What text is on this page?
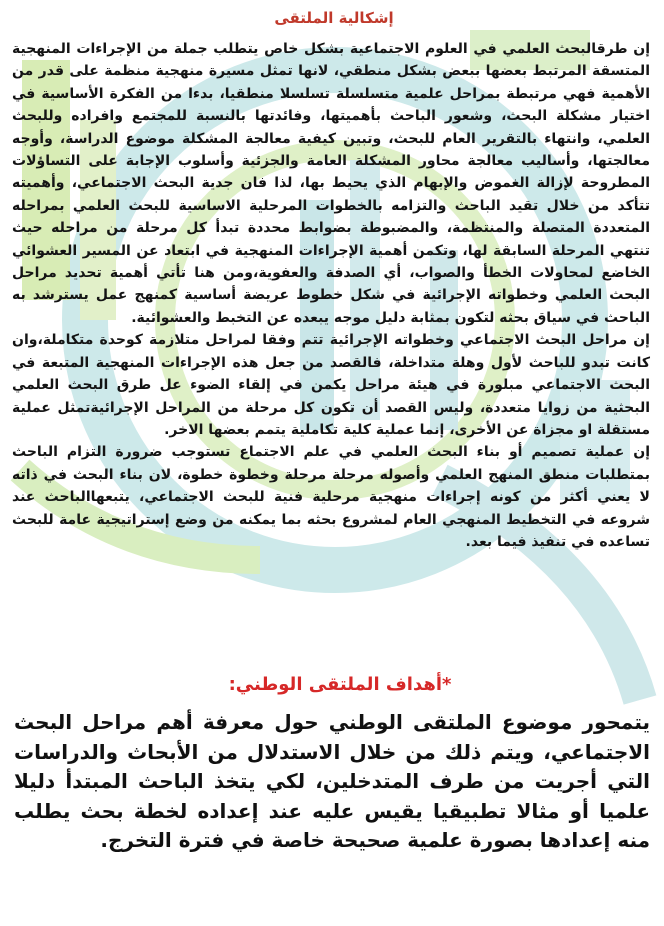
إشكالية الملتقى

إن طرقالبحث العلمي في العلوم الاجتماعية بشكل خاص يتطلب جملة من الإجراءات المنهجية المتسقة المرتبط بعضها ببعض بشكل منطقي، لانها تمثل مسيرة منهجية منظمة على قدر من الأهمية فهي مرتبطة بمراحل علمية متسلسلة تسلسلا منطقيا، بدءا من الفكرة الأساسية في اختيار مشكلة البحث، وشعور الباحث بأهميتها، وفائدتها بالنسبة للمجتمع وافراده وللبحث العلمي، وانتهاء بالتقرير العام للبحث، وتبين كيفية معالجة المشكلة موضوع الدراسة، وأوجه معالجتها، وأساليب معالجة محاور المشكلة العامة والجزئية وأسلوب الإجابة على التساؤلات المطروحة لإزالة الغموض والإبهام الذي يحيط بها، لذا فان جدية البحث الاجتماعي، وأهميته تتأكد من خلال تقيد الباحث والتزامه بالخطوات المرحلية الاساسية للبحث العلمي بمراحله المتعددة المتصلة والمنتظمة، والمضبوطة بضوابط محددة تبدأ كل مرحلة من مراحله حيث تنتهي المرحلة السابقة لها، وتكمن أهمية الإجراءات المنهجية في ابتعاد عن المسير العشوائي الخاضع لمحاولات الخطأ والصواب، أي الصدفة والعفوية،ومن هنا تأتي أهمية تحديد مراحل البحث العلمي وخطواته الإجرائية في شكل خطوط عريضة أساسية كمنهج عمل يسترشد به الباحث في سياق بحثه لتكون بمثابة دليل موجه يبعده عن التخبط والعشوائية.

إن مراحل البحث الاجتماعي وخطواته الإجرائية تتم وفقا لمراحل متلازمة كوحدة متكاملة،وان كانت تبدو للباحث لأول وهلة متداخلة، فالقصد من جعل هذه الإجراءات المنهجية المتبعة في البحث الاجتماعي مبلورة في هيئة مراحل يكمن في إلقاء الضوء عل طرق البحث العلمي البحثية من زوايا متعددة، وليس القصد أن تكون كل مرحلة من المراحل الإجرائيةتمثل عملية مستقلة او مجزاة عن الأخرى، إنما عملية كلية تكاملية يتمم بعضها الاخر.

إن عملية تصميم أو بناء البحث العلمي في علم الاجتماع تستوجب ضرورة التزام الباحث بمتطلبات منطق المنهج العلمي وأصوله مرحلة مرحلة وخطوة خطوة، لان بناء البحث في ذاته لا يعني أكثر من كونه إجراءات منهجية مرحلية فنية للبحث الاجتماعي، يتبعهاالباحث عند شروعه في التخطيط المنهجي العام لمشروع بحثه بما يمكنه من وضع إستراتيجية عامة للبحث تساعده في تنفيذ فيما بعد.

*أهداف الملتقى الوطني:

يتمحور موضوع الملتقى الوطني حول معرفة أهم مراحل البحث الاجتماعي، ويتم ذلك من خلال الاستدلال من الأبحاث والدراسات التي أجريت من طرف المتدخلين، لكي يتخذ الباحث المبتدأ دليلا علميا أو مثالا تطبيقيا يقيس عليه عند إعداده لخطة بحث يطلب منه إعدادها بصورة علمية صحيحة خاصة في فترة التخرج.
